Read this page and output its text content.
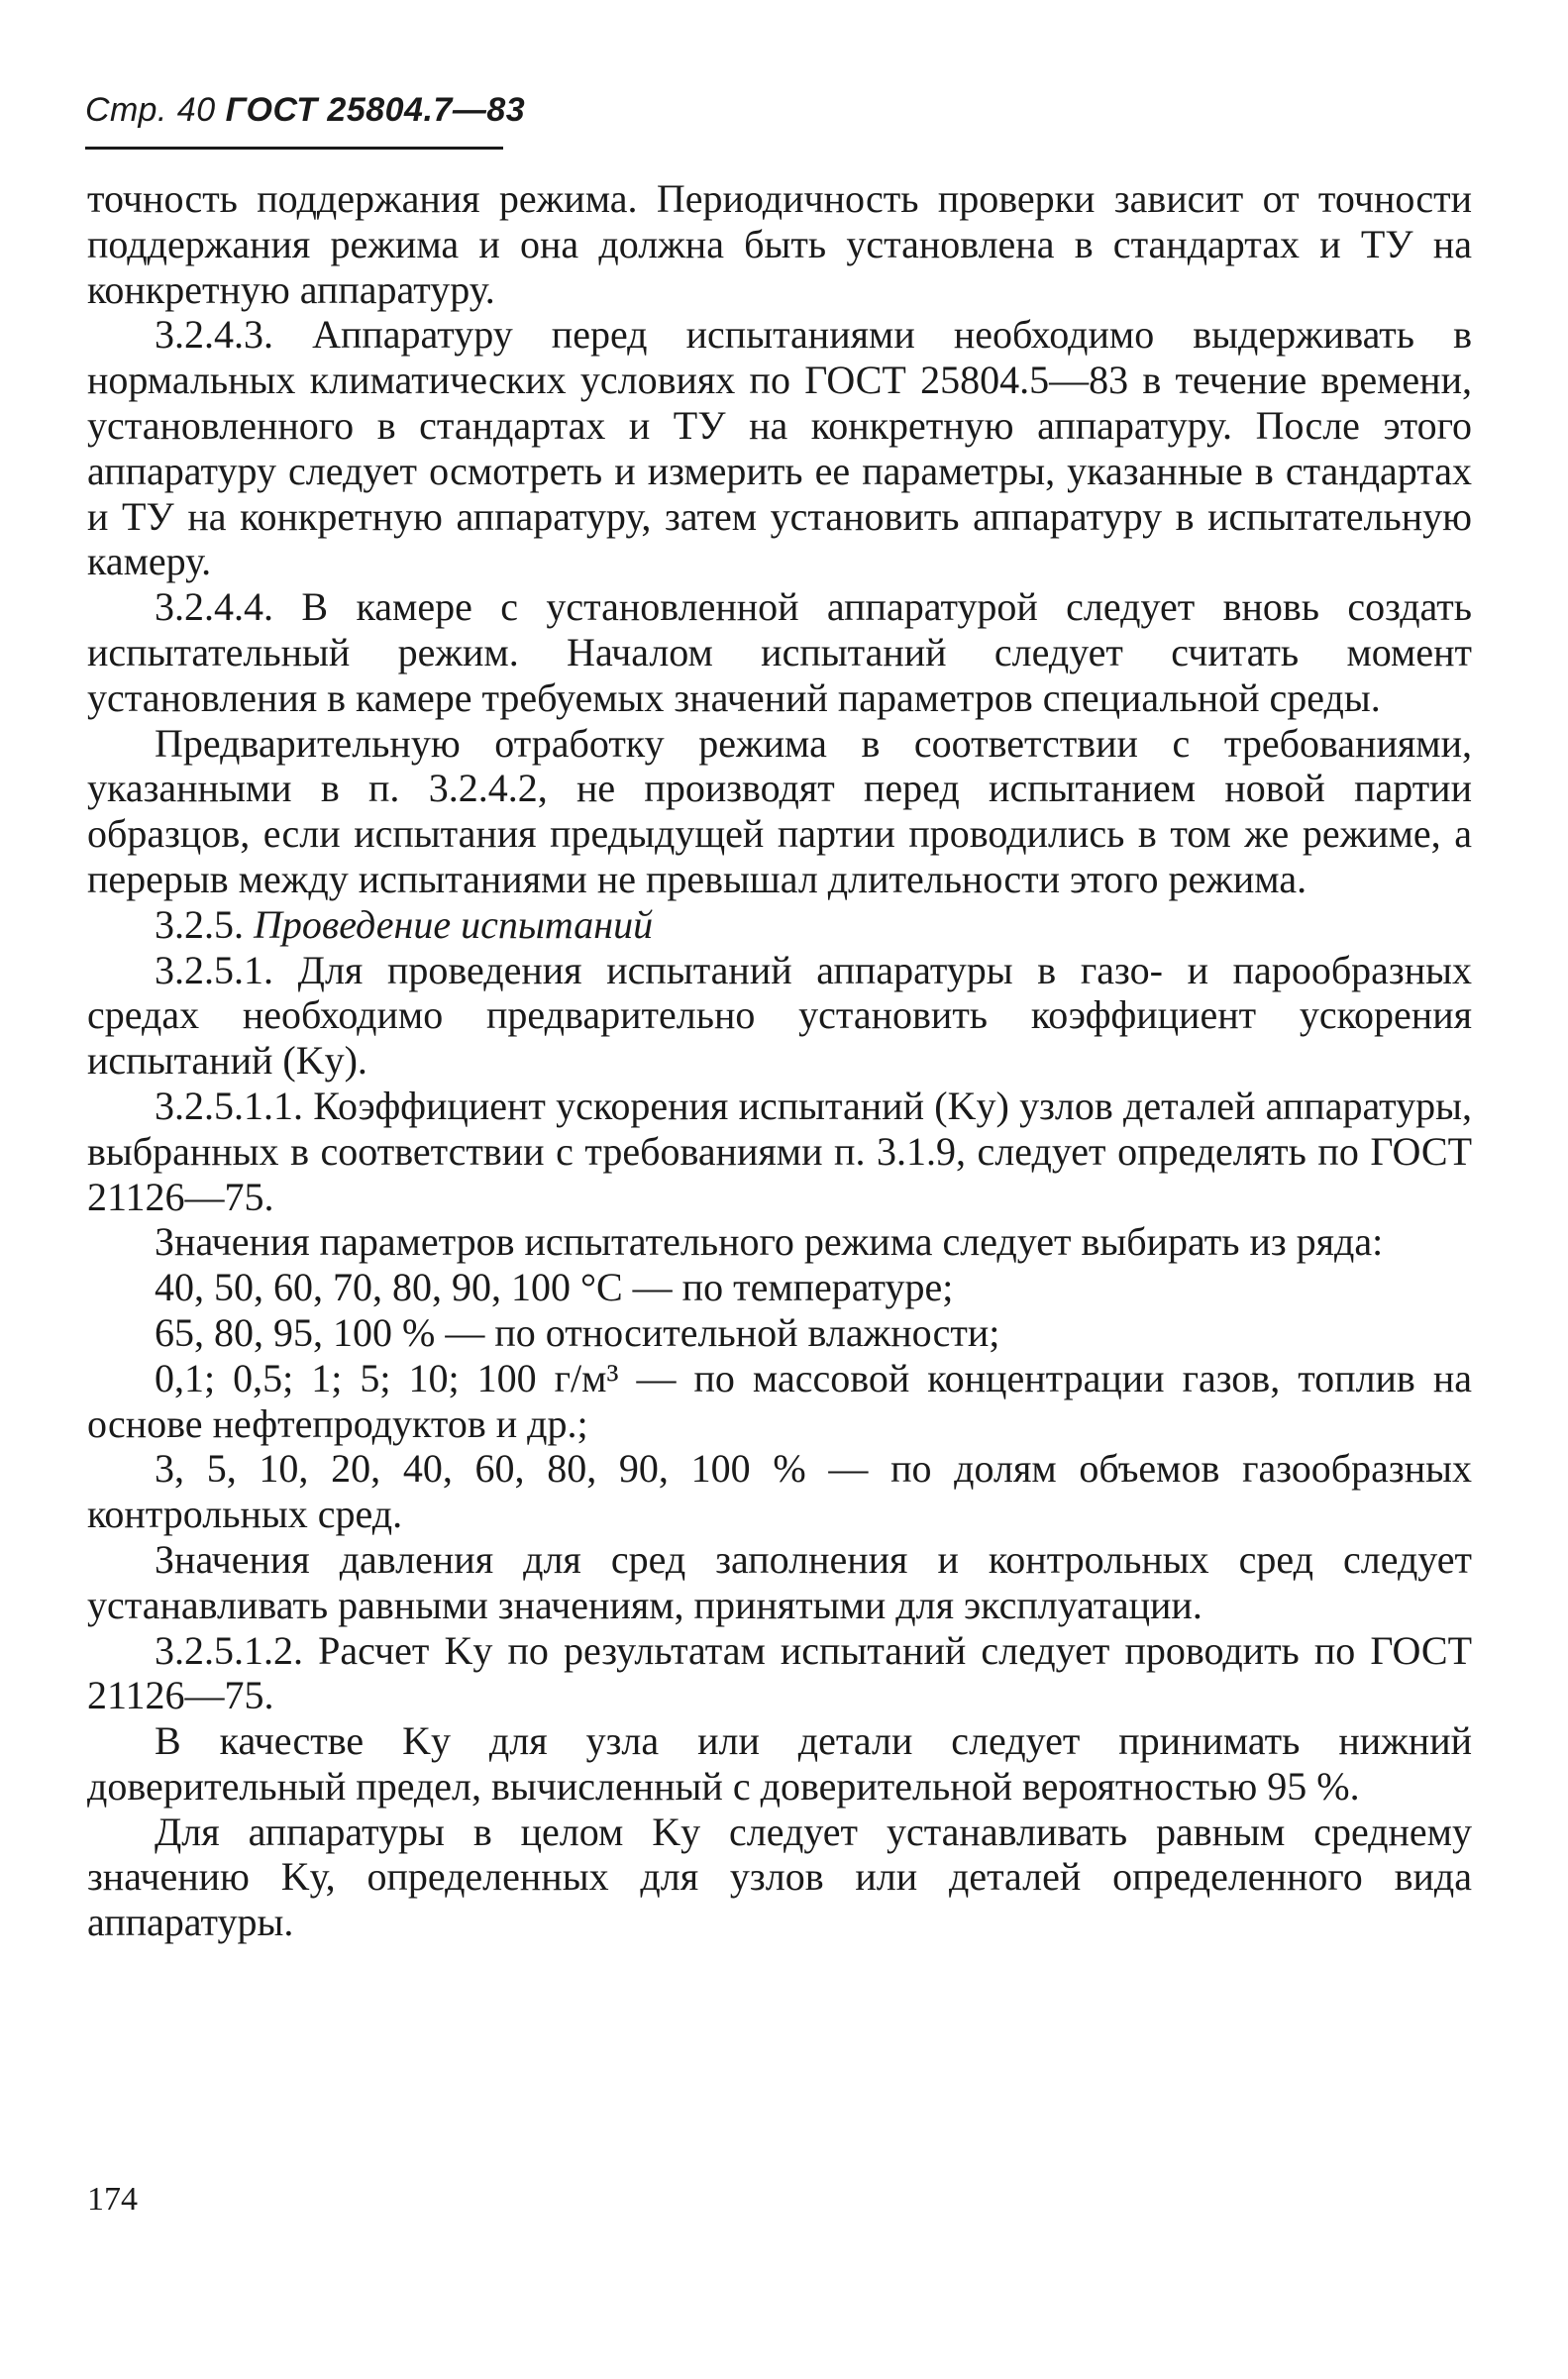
Стр. 40 ГОСТ 25804.7—83

точность поддержания режима. Периодичность проверки зависит от точности поддержания режима и она должна быть установлена в стандартах и ТУ на конкретную аппаратуру.

3.2.4.3. Аппаратуру перед испытаниями необходимо выдерживать в нормальных климатических условиях по ГОСТ 25804.5—83 в течение времени, установленного в стандартах и ТУ на конкретную аппаратуру. После этого аппаратуру следует осмотреть и измерить ее параметры, указанные в стандартах и ТУ на конкретную аппаратуру, затем установить аппаратуру в испытательную камеру.

3.2.4.4. В камере с установленной аппаратурой следует вновь создать испытательный режим. Началом испытаний следует считать момент установления в камере требуемых значений параметров специальной среды.

Предварительную отработку режима в соответствии с требованиями, указанными в п. 3.2.4.2, не производят перед испытанием новой партии образцов, если испытания предыдущей партии проводились в том же режиме, а перерыв между испытаниями не превышал длительности этого режима.

3.2.5. Проведение испытаний

3.2.5.1. Для проведения испытаний аппаратуры в газо- и парообразных средах необходимо предварительно установить коэффициент ускорения испытаний (Kу).

3.2.5.1.1. Коэффициент ускорения испытаний (Kу) узлов деталей аппаратуры, выбранных в соответствии с требованиями п. 3.1.9, следует определять по ГОСТ 21126—75.

Значения параметров испытательного режима следует выбирать из ряда:

40, 50, 60, 70, 80, 90, 100 °С — по температуре;

65, 80, 95, 100 % — по относительной влажности;

0,1; 0,5; 1; 5; 10; 100 г/м³ — по массовой концентрации газов, топлив на основе нефтепродуктов и др.;

3, 5, 10, 20, 40, 60, 80, 90, 100 % — по долям объемов газообразных контрольных сред.

Значения давления для сред заполнения и контрольных сред следует устанавливать равными значениям, принятыми для эксплуатации.

3.2.5.1.2. Расчет Kу по результатам испытаний следует проводить по ГОСТ 21126—75.

В качестве Kу для узла или детали следует принимать нижний доверительный предел, вычисленный с доверительной вероятностью 95 %.

Для аппаратуры в целом Kу следует устанавливать равным среднему значению Kу, определенных для узлов или деталей определенного вида аппаратуры.

174
